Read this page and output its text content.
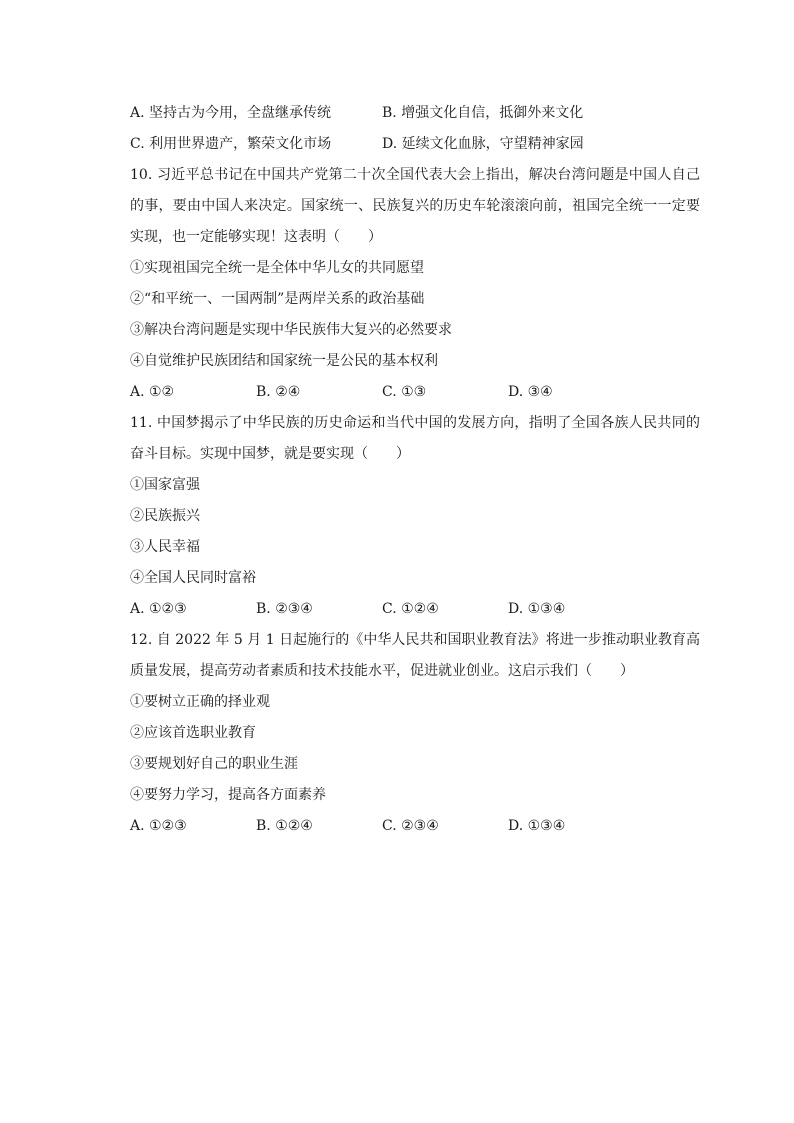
A. 坚持古为今用，全盘继承传统	B. 增强文化自信，抵御外来文化
C. 利用世界遗产，繁荣文化市场	D. 延续文化血脉，守望精神家园
10. 习近平总书记在中国共产党第二十次全国代表大会上指出，解决台湾问题是中国人自己
的事，要由中国人来决定。国家统一、民族复兴的历史车轮滚滚向前，祖国完全统一一定要
实现，也一定能够实现！这表明（　　）
①实现祖国完全统一是全体中华儿女的共同愿望
②“和平统一、一国两制”是两岸关系的政治基础
③解决台湾问题是实现中华民族伟大复兴的必然要求
④自觉维护民族团结和国家统一是公民的基本权利
A. ①②	B. ②④	C. ①③	D. ③④
11. 中国梦揭示了中华民族的历史命运和当代中国的发展方向，指明了全国各族人民共同的
奋斗目标。实现中国梦，就是要实现（　　）
①国家富强
②民族振兴
③人民幸福
④全国人民同时富裕
A. ①②③	B. ②③④	C. ①②④	D. ①③④
12. 自 2022 年 5 月 1 日起施行的《中华人民共和国职业教育法》将进一步推动职业教育高
质量发展，提高劳动者素质和技术技能水平，促进就业创业。这启示我们（　　）
①要树立正确的择业观
②应该首选职业教育
③要规划好自己的职业生涯
④要努力学习，提高各方面素养
A. ①②③	B. ①②④	C. ②③④	D. ①③④
